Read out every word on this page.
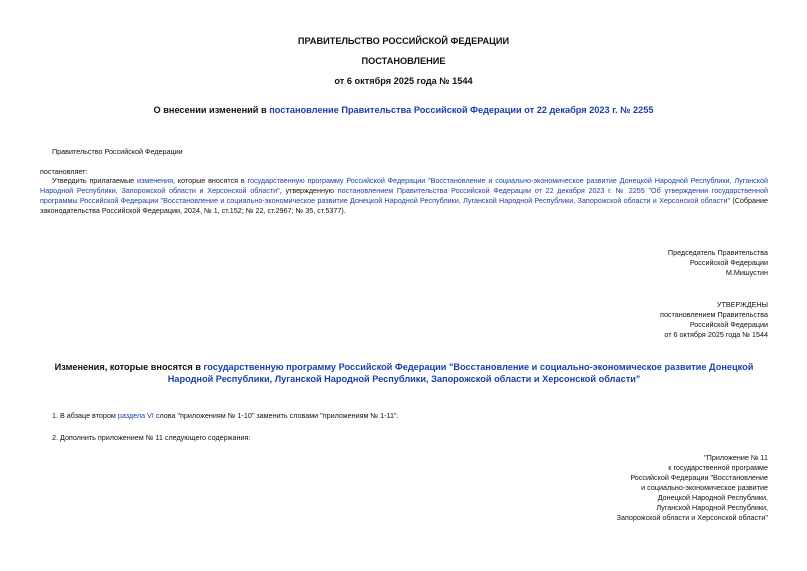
ПРАВИТЕЛЬСТВО РОССИЙСКОЙ ФЕДЕРАЦИИ
ПОСТАНОВЛЕНИЕ
от 6 октября 2025 года № 1544
О внесении изменений в постановление Правительства Российской Федерации от 22 декабря 2023 г. № 2255
Правительство Российской Федерации
постановляет:
Утвердить прилагаемые изменения, которые вносятся в государственную программу Российской Федерации "Восстановление и социально-экономическое развитие Донецкой Народной Республики, Луганской Народной Республики, Запорожской области и Херсонской области", утвержденную постановлением Правительства Российской Федерации от 22 декабря 2023 г. № 2255 "Об утверждении государственной программы Российской Федерации "Восстановление и социально-экономическое развитие Донецкой Народной Республики, Луганской Народной Республики, Запорожской области и Херсонской области" (Собрание законодательства Российской Федерации, 2024, № 1, ст.152; № 22, ст.2967; № 35, ст.5377).
Председатель Правительства
Российской Федерации
М.Мишустин
УТВЕРЖДЕНЫ
постановлением Правительства
Российской Федерации
от 6 октября 2025 года № 1544
Изменения, которые вносятся в государственную программу Российской Федерации "Восстановление и социально-экономическое развитие Донецкой Народной Республики, Луганской Народной Республики, Запорожской области и Херсонской области"
1. В абзаце втором раздела VI слова "приложениям № 1-10" заменить словами "приложениям № 1-11".
2. Дополнить приложением № 11 следующего содержания:
"Приложение № 11
к государственной программе
Российской Федерации "Восстановление
и социально-экономическое развитие
Донецкой Народной Республики,
Луганской Народной Республики,
Запорожской области и Херсонской области"
